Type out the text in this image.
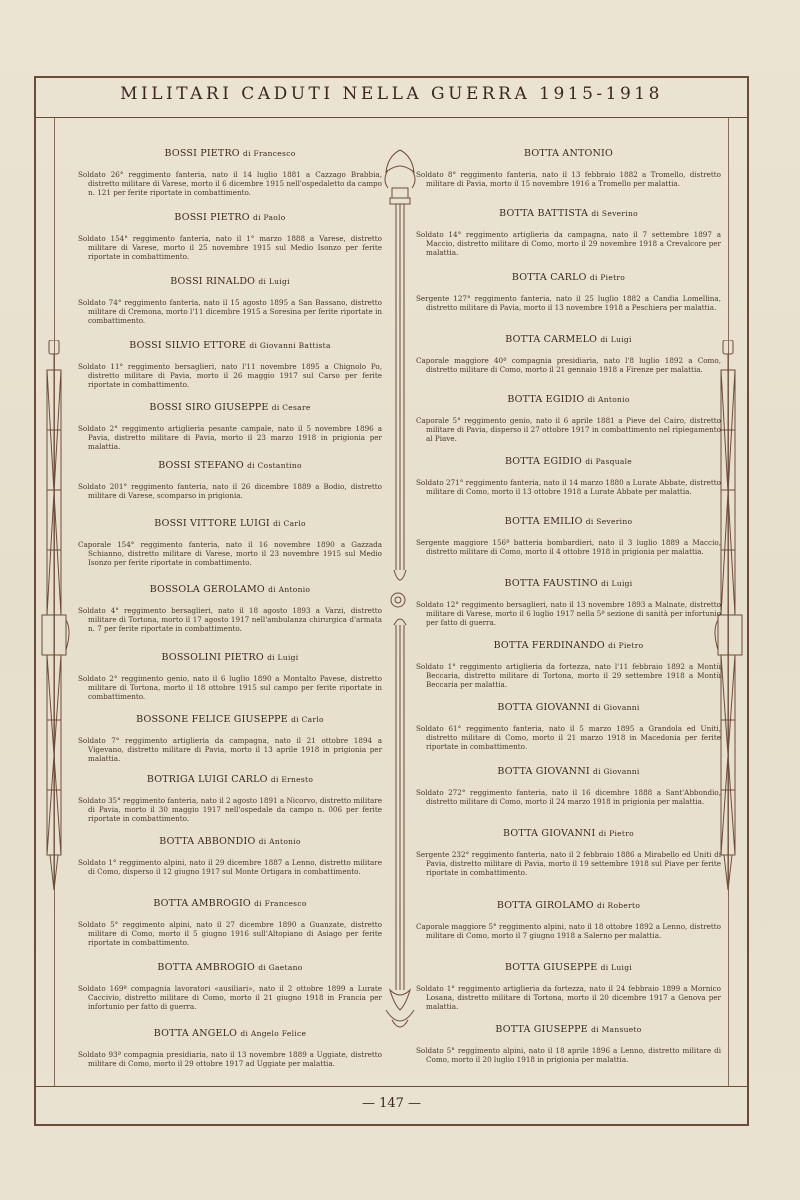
MILITARI CADUTI NELLA GUERRA 1915-1918

BOSSI PIETRO di Francesco

Soldato 26° reggimento fanteria, nato il 14 luglio 1881 a Cazzago Brabbia, distretto militare di Varese, morto il 6 dicembre 1915 nell'ospedaletto da campo n. 121 per ferite riportate in combattimento.

BOSSI PIETRO di Paolo

Soldato 154° reggimento fanteria, nato il 1° marzo 1888 a Varese, distretto militare di Varese, morto il 25 novembre 1915 sul Medio Isonzo per ferite riportate in combattimento.

BOSSI RINALDO di Luigi

Soldato 74° reggimento fanteria, nato il 15 agosto 1895 a San Bassano, distretto militare di Cremona, morto l'11 dicembre 1915 a Soresina per ferite riportate in combattimento.

BOSSI SILVIO ETTORE di Giovanni Battista

Soldato 11° reggimento bersaglieri, nato l'11 novembre 1895 a Chignolo Po, distretto militare di Pavia, morto il 26 maggio 1917 sul Carso per ferite riportate in combattimento.

BOSSI SIRO GIUSEPPE di Cesare

Soldato 2° reggimento artiglieria pesante campale, nato il 5 novembre 1896 a Pavia, distretto militare di Pavia, morto il 23 marzo 1918 in prigionia per malattia.

BOSSI STEFANO di Costantino

Soldato 201° reggimento fanteria, nato il 26 dicembre 1889 a Bodio, distretto militare di Varese, scomparso in prigionia.

BOSSI VITTORE LUIGI di Carlo

Caporale 154° reggimento fanteria, nato il 16 novembre 1890 a Gazzada Schianno, distretto militare di Varese, morto il 23 novembre 1915 sul Medio Isonzo per ferite riportate in combattimento.

BOSSOLA GEROLAMO di Antonio

Soldato 4° reggimento bersaglieri, nato il 18 agosto 1893 a Varzi, distretto militare di Tortona, morto il 17 agosto 1917 nell'ambulanza chirurgica d'armata n. 7 per ferite riportate in combattimento.

BOSSOLINI PIETRO di Luigi

Soldato 2° reggimento genio, nato il 6 luglio 1890 a Montalto Pavese, distretto militare di Tortona, morto il 18 ottobre 1915 sul campo per ferite riportate in combattimento.

BOSSONE FELICE GIUSEPPE di Carlo

Soldato 7° reggimento artiglieria da campagna, nato il 21 ottobre 1894 a Vigevano, distretto militare di Pavia, morto il 13 aprile 1918 in prigionia per malattia.

BOTRIGA LUIGI CARLO di Ernesto

Soldato 35° reggimento fanteria, nato il 2 agosto 1891 a Nicorvo, distretto militare di Pavia, morto il 30 maggio 1917 nell'ospedale da campo n. 006 per ferite riportate in combattimento.

BOTTA ABBONDIO di Antonio

Soldato 1° reggimento alpini, nato il 29 dicembre 1887 a Lenno, distretto militare di Como, disperso il 12 giugno 1917 sul Monte Ortigara in combattimento.

BOTTA AMBROGIO di Francesco

Soldato 5° reggimento alpini, nato il 27 dicembre 1890 a Guanzate, distretto militare di Como, morto il 5 giugno 1916 sull'Altopiano di Asiago per ferite riportate in combattimento.

BOTTA AMBROGIO di Gaetano

Soldato 169ª compagnia lavoratori «ausiliari», nato il 2 ottobre 1899 a Lurate Caccivio, distretto militare di Como, morto il 21 giugno 1918 in Francia per infortunio per fatto di guerra.

BOTTA ANGELO di Angelo Felice

Soldato 93ª compagnia presidiaria, nato il 13 novembre 1889 a Uggiate, distretto militare di Como, morto il 29 ottobre 1917 ad Uggiate per malattia.

BOTTA ANTONIO

Soldato 8° reggimento fanteria, nato il 13 febbraio 1882 a Tromello, distretto militare di Pavia, morto il 15 novembre 1916 a Tromello per malattia.

BOTTA BATTISTA di Severino

Soldato 14° reggimento artiglieria da campagna, nato il 7 settembre 1897 a Maccio, distretto militare di Como, morto il 29 novembre 1918 a Crevalcore per malattia.

BOTTA CARLO di Pietro

Sergente 127° reggimento fanteria, nato il 25 luglio 1882 a Candia Lomellina, distretto militare di Pavia, morto il 13 novembre 1918 a Peschiera per malattia.

BOTTA CARMELO di Luigi

Caporale maggiore 40ª compagnia presidiaria, nato l'8 luglio 1892 a Como, distretto militare di Como, morto il 21 gennaio 1918 a Firenze per malattia.

BOTTA EGIDIO di Antonio

Caporale 5° reggimento genio, nato il 6 aprile 1881 a Pieve del Cairo, distretto militare di Pavia, disperso il 27 ottobre 1917 in combattimento nel ripiegamento al Piave.

BOTTA EGIDIO di Pasquale

Soldato 271° reggimento fanteria, nato il 14 marzo 1880 a Lurate Abbate, distretto militare di Como, morto il 13 ottobre 1918 a Lurate Abbate per malattia.

BOTTA EMILIO di Severino

Sergente maggiore 156ª batteria bombardieri, nato il 3 luglio 1889 a Maccio, distretto militare di Como, morto il 4 ottobre 1918 in prigionia per malattia.

BOTTA FAUSTINO di Luigi

Soldato 12° reggimento bersaglieri, nato il 13 novembre 1893 a Malnate, distretto militare di Varese, morto il 6 luglio 1917 nella 5ª sezione di sanità per infortunio per fatto di guerra.

BOTTA FERDINANDO di Pietro

Soldato 1° reggimento artiglieria da fortezza, nato l'11 febbraio 1892 a Montù Beccaria, distretto militare di Tortona, morto il 29 settembre 1918 a Montù Beccaria per malattia.

BOTTA GIOVANNI di Giovanni

Soldato 61° reggimento fanteria, nato il 5 marzo 1895 a Grandola ed Uniti, distretto militare di Como, morto il 21 marzo 1918 in Macedonia per ferite riportate in combattimento.

BOTTA GIOVANNI di Giovanni

Soldato 272° reggimento fanteria, nato il 16 dicembre 1888 a Sant'Abbondio, distretto militare di Como, morto il 24 marzo 1918 in prigionia per malattia.

BOTTA GIOVANNI di Pietro

Sergente 232° reggimento fanteria, nato il 2 febbraio 1886 a Mirabello ed Uniti di Pavia, distretto militare di Pavia, morto il 19 settembre 1918 sul Piave per ferite riportate in combattimento.

BOTTA GIROLAMO di Roberto

Caporale maggiore 5° reggimento alpini, nato il 18 ottobre 1892 a Lenno, distretto militare di Como, morto il 7 giugno 1918 a Salerno per malattia.

BOTTA GIUSEPPE di Luigi

Soldato 1° reggimento artiglieria da fortezza, nato il 24 febbraio 1899 a Mornico Losana, distretto militare di Tortona, morto il 20 dicembre 1917 a Genova per malattia.

BOTTA GIUSEPPE di Mansueto

Soldato 5° reggimento alpini, nato il 18 aprile 1896 a Lenno, distretto militare di Como, morto il 20 luglio 1918 in prigionia per malattia.

— 147 —
